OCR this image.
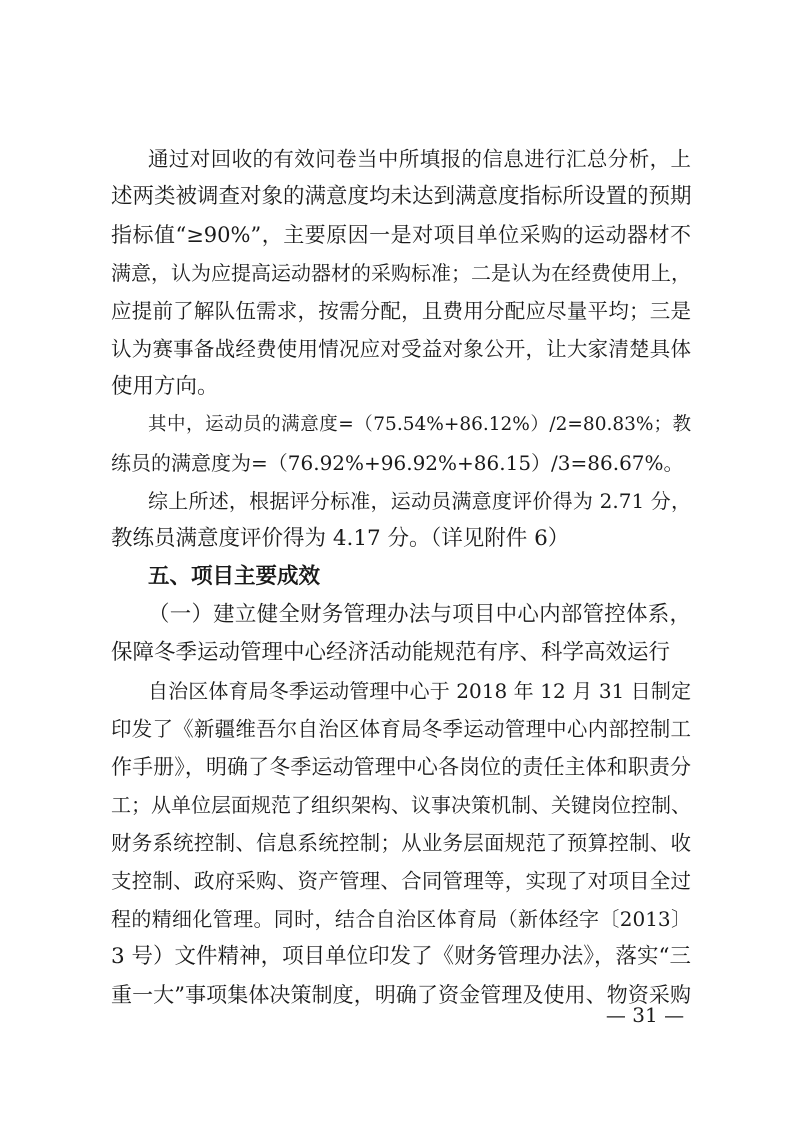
通过对回收的有效问卷当中所填报的信息进行汇总分析，上
述两类被调查对象的满意度均未达到满意度指标所设置的预期
指标值“≥90%”，主要原因一是对项目单位采购的运动器材不
满意，认为应提高运动器材的采购标准；二是认为在经费使用上，
应提前了解队伍需求，按需分配，且费用分配应尽量平均；三是
认为赛事备战经费使用情况应对受益对象公开，让大家清楚具体
使用方向。
其中，运动员的满意度=（75.54%+86.12%）/2=80.83%；教
练员的满意度为=（76.92%+96.92%+86.15）/3=86.67%。
综上所述，根据评分标准，运动员满意度评价得为 2.71 分，
教练员满意度评价得为 4.17 分。（详见附件 6）
五、项目主要成效
（一）建立健全财务管理办法与项目中心内部管控体系，
保障冬季运动管理中心经济活动能规范有序、科学高效运行
自治区体育局冬季运动管理中心于 2018 年 12 月 31 日制定
印发了《新疆维吾尔自治区体育局冬季运动管理中心内部控制工
作手册》，明确了冬季运动管理中心各岗位的责任主体和职责分
工；从单位层面规范了组织架构、议事决策机制、关键岗位控制、
财务系统控制、信息系统控制；从业务层面规范了预算控制、收
支控制、政府采购、资产管理、合同管理等，实现了对项目全过
程的精细化管理。同时，结合自治区体育局（新体经字〔2013〕
3 号）文件精神，项目单位印发了《财务管理办法》，落实“三
重一大”事项集体决策制度，明确了资金管理及使用、物资采购
— 31 —
